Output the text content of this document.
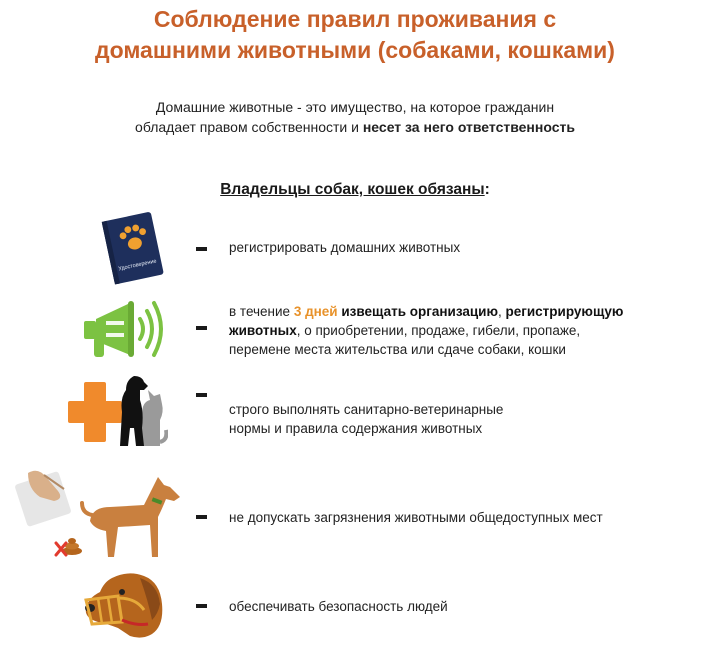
Соблюдение правил проживания с
домашними животными (собаками, кошками)
Домашние животные - это имущество, на которое гражданин
обладает правом собственности и несет за него ответственность
Владельцы собак, кошек обязаны:
Удостоверение
регистрировать домашних животных
в течение 3 дней извещать организацию, регистрирующую
животных, о приобретении, продаже, гибели, пропаже,
перемене места жительства или сдаче собаки, кошки
строго выполнять санитарно-ветеринарные
нормы и правила содержания животных
не допускать загрязнения животными общедоступных мест
обеспечивать безопасность людей
